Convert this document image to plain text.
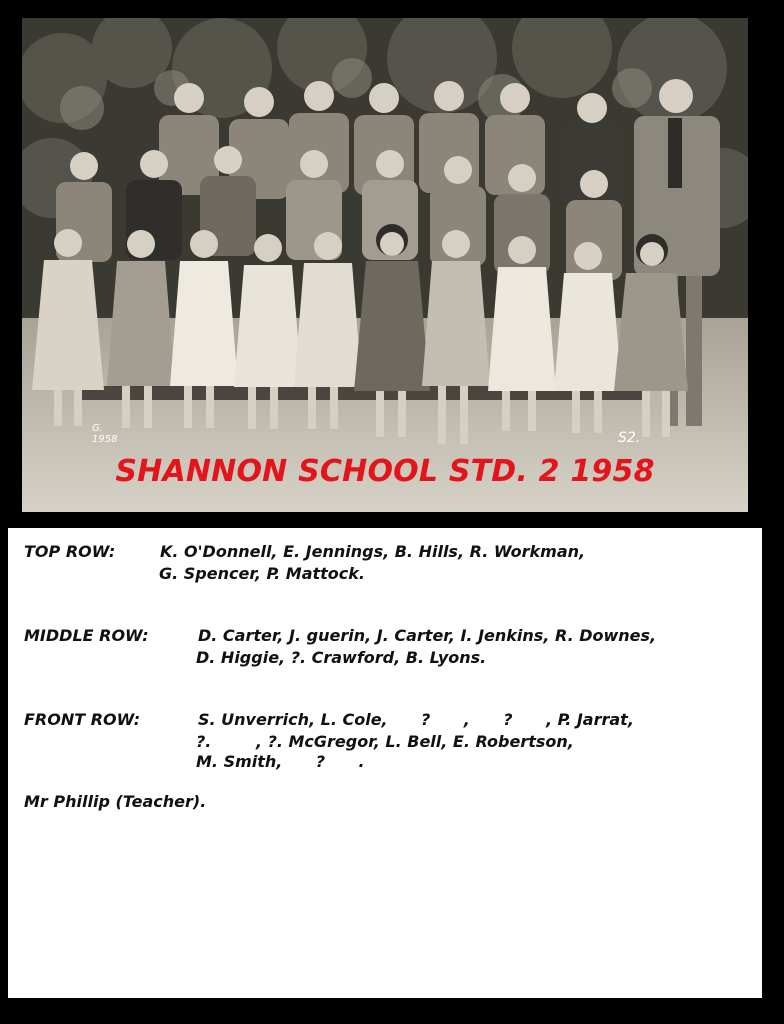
G. 1958	S2.
SHANNON SCHOOL STD. 2 1958
TOP ROW:	K. O'Donnell, E. Jennings, B. Hills, R. Workman,
G. Spencer, P. Mattock.
MIDDLE ROW:	D. Carter, J. guerin, J. Carter, I. Jenkins, R. Downes,
D. Higgie, ?. Crawford, B. Lyons.
FRONT ROW:	S. Unverrich, L. Cole,      ?      ,      ?      , P. Jarrat,
?.        , ?. McGregor, L. Bell, E. Robertson,
M. Smith,      ?      .
Mr Phillip (Teacher).
